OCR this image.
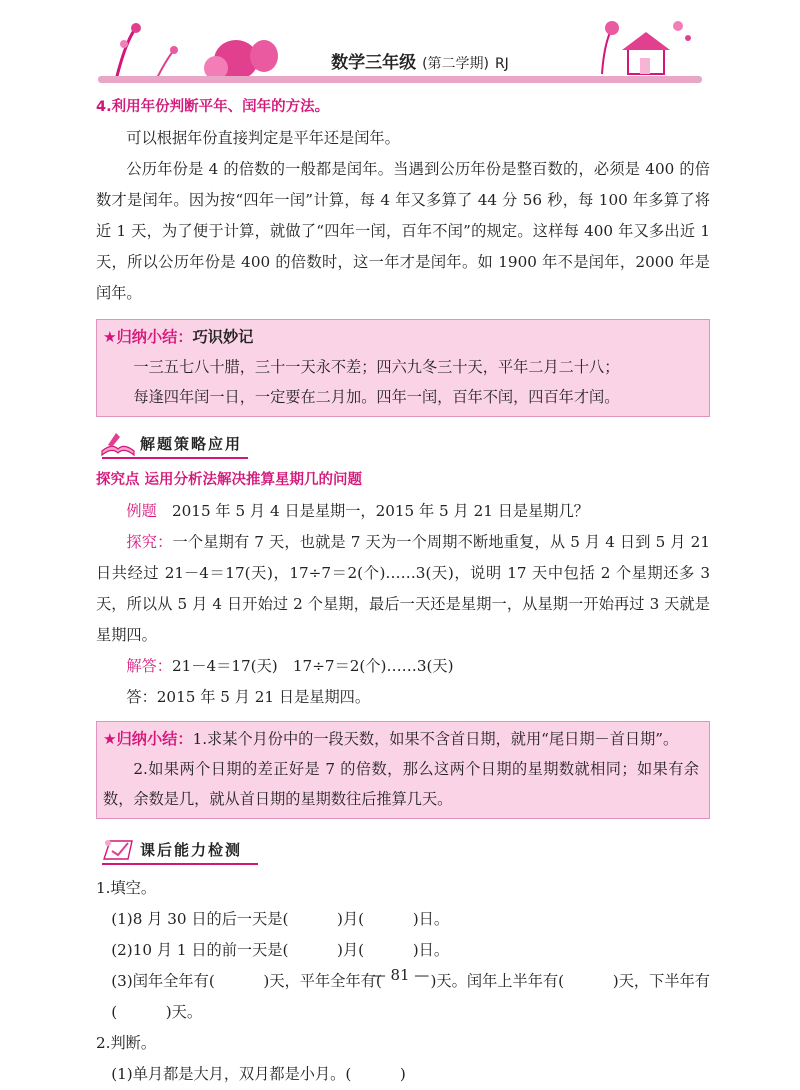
数学三年级 (第二学期) RJ

4.利用年份判断平年、闰年的方法。

可以根据年份直接判定是平年还是闰年。

公历年份是 4 的倍数的一般都是闰年。当遇到公历年份是整百数的，必须是 400 的倍数才是闰年。因为按“四年一闰”计算，每 4 年又多算了 44 分 56 秒，每 100 年多算了将近 1 天，为了便于计算，就做了“四年一闰，百年不闰”的规定。这样每 400 年又多出近 1 天，所以公历年份是 400 的倍数时，这一年才是闰年。如 1900 年不是闰年，2000 年是闰年。

★归纳小结：巧识妙记

一三五七八十腊，三十一天永不差；四六九冬三十天，平年二月二十八；

每逢四年闰一日，一定要在二月加。四年一闰，百年不闰，四百年才闰。

解题策略应用

探究点 运用分析法解决推算星期几的问题

例题　 2015 年 5 月 4 日是星期一，2015 年 5 月 21 日是星期几？

探究：一个星期有 7 天，也就是 7 天为一个周期不断地重复，从 5 月 4 日到 5 月 21 日共经过 21－4＝17(天)，17÷7＝2(个)……3(天)，说明 17 天中包括 2 个星期还多 3 天，所以从 5 月 4 日开始过 2 个星期，最后一天还是星期一，从星期一开始再过 3 天就是星期四。

解答：21－4＝17(天)　17÷7＝2(个)……3(天)

答：2015 年 5 月 21 日是星期四。

★归纳小结：1.求某个月份中的一段天数，如果不含首日期，就用“尾日期－首日期”。

2.如果两个日期的差正好是 7 的倍数，那么这两个日期的星期数就相同；如果有余数，余数是几，就从首日期的星期数往后推算几天。

课后能力检测

1.填空。

(1)8 月 30 日的后一天是(	)月(	)日。

(2)10 月 1 日的前一天是(	)月(	)日。

(3)闰年全年有(	)天，平年全年有(	)天。闰年上半年有(	)天，下半年有(	)天。

2.判断。

(1)单月都是大月，双月都是小月。(	)

— 81 —
